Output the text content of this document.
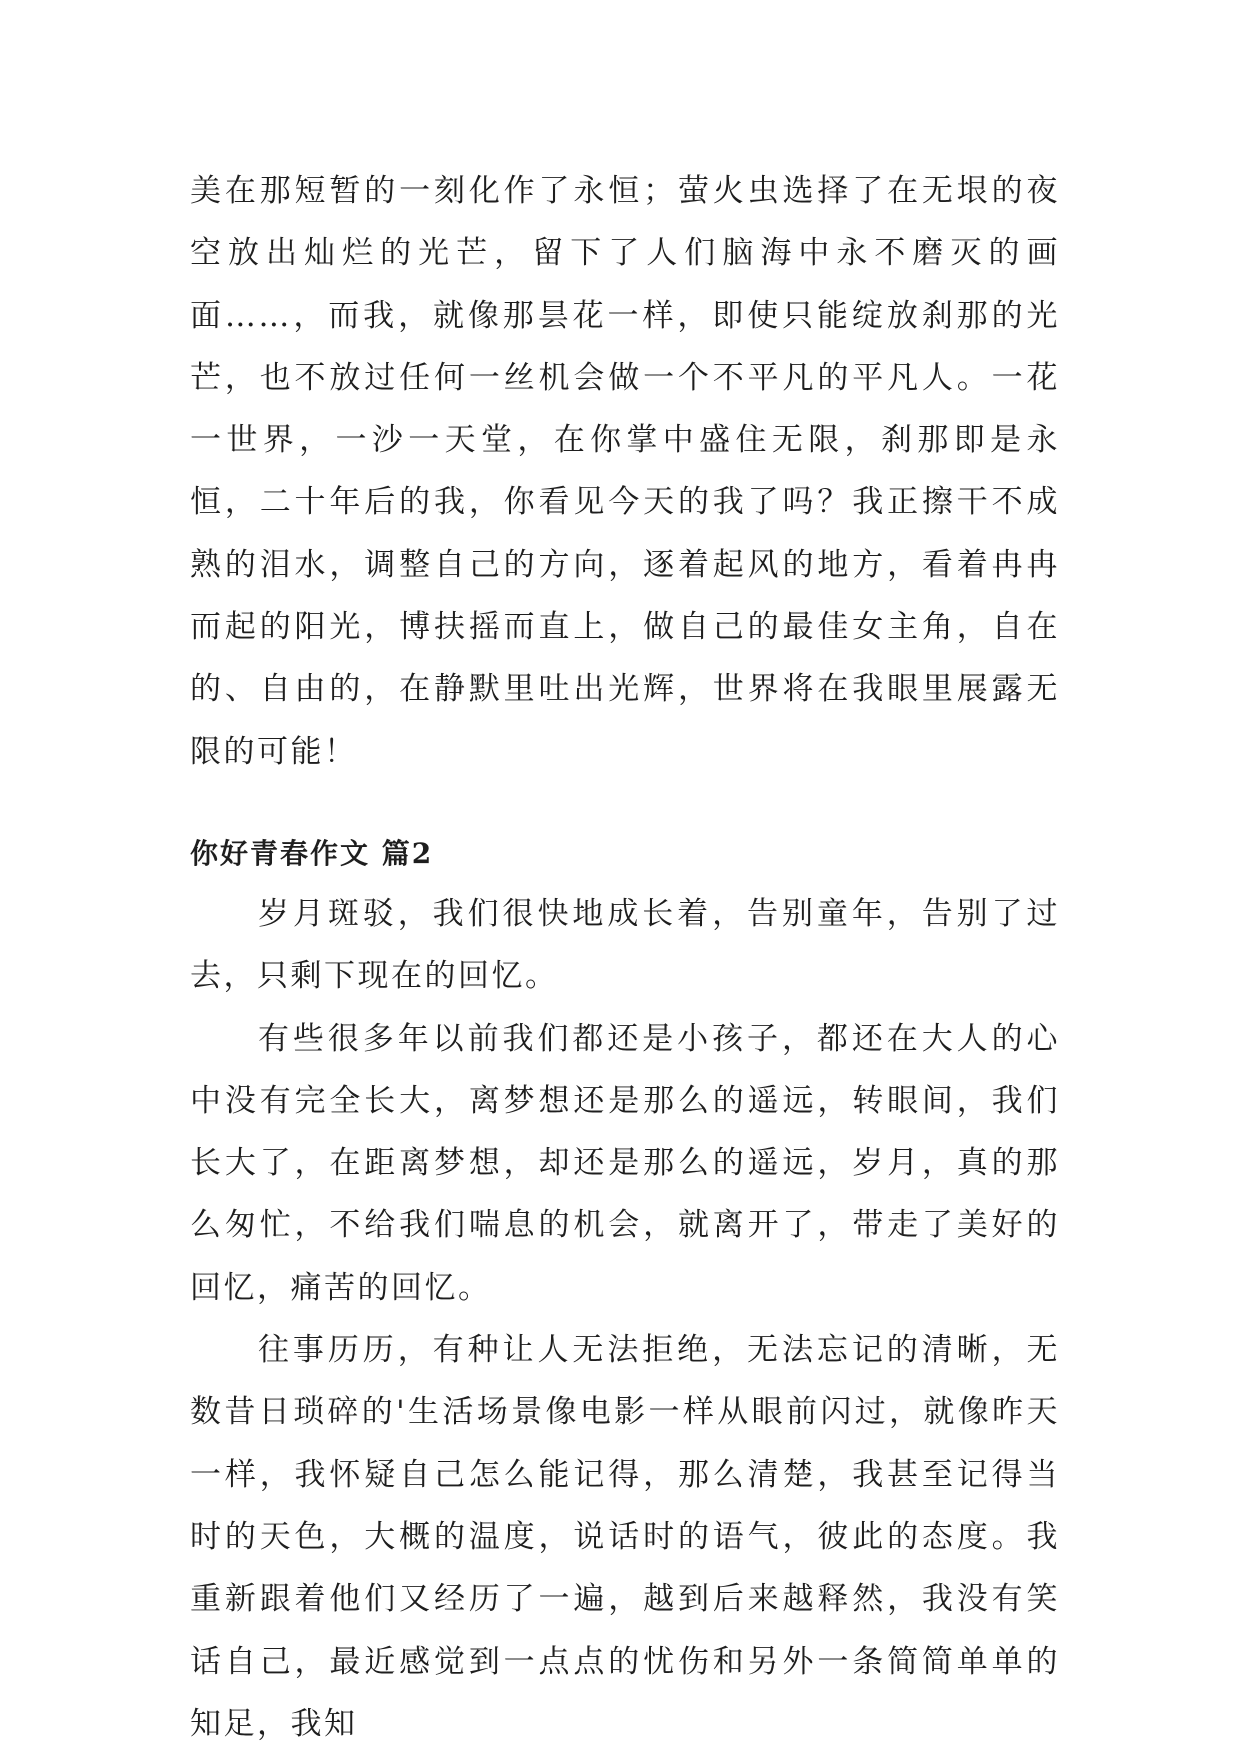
美在那短暂的一刻化作了永恒；萤火虫选择了在无垠的夜空放出灿烂的光芒，留下了人们脑海中永不磨灭的画面……，而我，就像那昙花一样，即使只能绽放刹那的光芒，也不放过任何一丝机会做一个不平凡的平凡人。一花一世界，一沙一天堂，在你掌中盛住无限，刹那即是永恒，二十年后的我，你看见今天的我了吗？我正擦干不成熟的泪水，调整自己的方向，逐着起风的地方，看着冉冉而起的阳光，博扶摇而直上，做自己的最佳女主角，自在的、自由的，在静默里吐出光辉，世界将在我眼里展露无限的可能！

你好青春作文 篇2

岁月斑驳，我们很快地成长着，告别童年，告别了过去，只剩下现在的回忆。

有些很多年以前我们都还是小孩子，都还在大人的心中没有完全长大，离梦想还是那么的遥远，转眼间，我们长大了，在距离梦想，却还是那么的遥远，岁月，真的那么匆忙，不给我们喘息的机会，就离开了，带走了美好的回忆，痛苦的回忆。

往事历历，有种让人无法拒绝，无法忘记的清晰，无数昔日琐碎的'生活场景像电影一样从眼前闪过，就像昨天一样，我怀疑自己怎么能记得，那么清楚，我甚至记得当时的天色，大概的温度，说话时的语气，彼此的态度。我重新跟着他们又经历了一遍，越到后来越释然，我没有笑话自己，最近感觉到一点点的忧伤和另外一条简简单单的知足，我知
